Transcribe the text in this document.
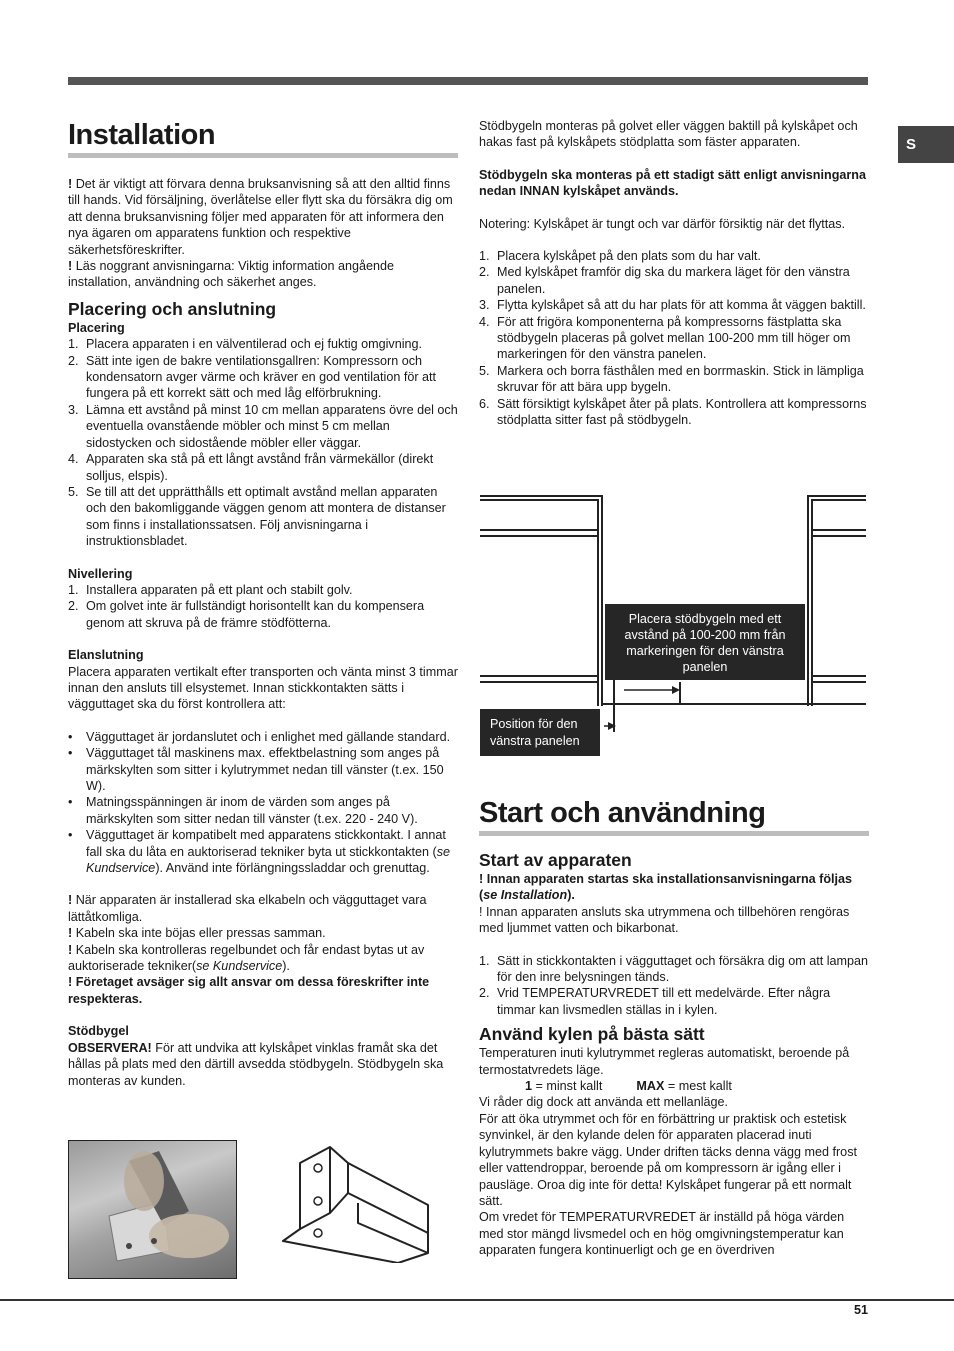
S
Installation

! Det är viktigt att förvara denna bruksanvisning så att den alltid finns till hands. Vid försäljning, överlåtelse eller flytt ska du försäkra dig om att denna bruksanvisning följer med apparaten för att informera den nya ägaren om apparatens funktion och respektive säkerhetsföreskrifter.

! Läs noggrant anvisningarna: Viktig information angående installation, användning och säkerhet anges.

Placering och anslutning
Placering
1. Placera apparaten i en välventilerad och ej fuktig omgivning.
2. Sätt inte igen de bakre ventilationsgallren: Kompressorn och kondensatorn avger värme och kräver en god ventilation för att fungera på ett korrekt sätt och med låg elförbrukning.
3. Lämna ett avstånd på minst 10 cm mellan apparatens övre del och eventuella ovanstående möbler och minst 5 cm mellan sidostycken och sidostående möbler eller väggar.
4. Apparaten ska stå på ett långt avstånd från värmekällor (direkt solljus, elspis).
5. Se till att det upprätthålls ett optimalt avstånd mellan apparaten och den bakomliggande väggen genom att montera de distanser som finns i installationssatsen. Följ anvisningarna i instruktionsbladet.
Nivellering
1. Installera apparaten på ett plant och stabilt golv.
2. Om golvet inte är fullständigt horisontellt kan du kompensera genom att skruva på de främre stödfötterna.
Elanslutning

Placera apparaten vertikalt efter transporten och vänta minst 3 timmar innan den ansluts till elsystemet. Innan stickkontakten sätts i vägguttaget ska du först kontrollera att:

• Vägguttaget är jordanslutet och i enlighet med gällande standard.
• Vägguttaget tål maskinens max. effektbelastning som anges på märkskylten som sitter i kylutrymmet nedan till vänster (t.ex. 150 W).
• Matningsspänningen är inom de värden som anges på märkskylten som sitter nedan till vänster (t.ex. 220 - 240 V).
• Vägguttaget är kompatibelt med apparatens stickkontakt. I annat fall ska du låta en auktoriserad tekniker byta ut stickkontakten (se Kundservice). Använd inte förlängningssladdar och grenuttag.

! När apparaten är installerad ska elkabeln och vägguttaget vara lättåtkomliga.

! Kabeln ska inte böjas eller pressas samman.

! Kabeln ska kontrolleras regelbundet och får endast bytas ut av auktoriserade tekniker(se Kundservice).

! Företaget avsäger sig allt ansvar om dessa föreskrifter inte respekteras.

Stödbygel

OBSERVERA! För att undvika att kylskåpet vinklas framåt ska det hållas på plats med den därtill avsedda stödbygeln. Stödbygeln ska monteras av kunden.

Stödbygeln monteras på golvet eller väggen baktill på kylskåpet och hakas fast på kylskåpets stödplatta som fäster apparaten.

Stödbygeln ska monteras på ett stadigt sätt enligt anvisningarna nedan INNAN kylskåpet används.

Notering: Kylskåpet är tungt och var därför försiktig när det flyttas.

1. Placera kylskåpet på den plats som du har valt.
2. Med kylskåpet framför dig ska du markera läget för den vänstra panelen.
3. Flytta kylskåpet så att du har plats för att komma åt väggen baktill.
4. För att frigöra komponenterna på kompressorns fästplatta ska stödbygeln placeras på golvet mellan 100-200 mm till höger om markeringen för den vänstra panelen.
5. Markera och borra fästhålen med en borrmaskin. Stick in lämpliga skruvar för att bära upp bygeln.
6. Sätt försiktigt kylskåpet åter på plats. Kontrollera att kompressorns stödplatta sitter fast på stödbygeln.
Placera stödbygeln med ett avstånd på 100-200 mm från markeringen för den vänstra panelen
Position för den vänstra panelen
Start och användning
Start av apparaten

! Innan apparaten startas ska installationsanvisningarna följas (se Installation).

! Innan apparaten ansluts ska utrymmena och tillbehören rengöras med ljummet vatten och bikarbonat.

1. Sätt in stickkontakten i vägguttaget och försäkra dig om att lampan för den inre belysningen tänds.
2. Vrid TEMPERATURVREDET till ett medelvärde. Efter några timmar kan livsmedlen ställas in i kylen.
Använd kylen på bästa sätt

Temperaturen inuti kylutrymmet regleras automatiskt, beroende på termostatvredets läge.

1 = minst kallt	MAX = mest kallt

Vi råder dig dock att använda ett mellanläge.

För att öka utrymmet och för en förbättring ur praktisk och estetisk synvinkel, är den kylande delen för apparaten placerad inuti kylutrymmets bakre vägg. Under driften täcks denna vägg med frost eller vattendroppar, beroende på om kompressorn är igång eller i pausläge. Oroa dig inte för detta! Kylskåpet fungerar på ett normalt sätt.

Om vredet för TEMPERATURVREDET är inställd på höga värden med stor mängd livsmedel och en hög omgivningstemperatur kan apparaten fungera kontinuerligt och ge en överdriven

51
